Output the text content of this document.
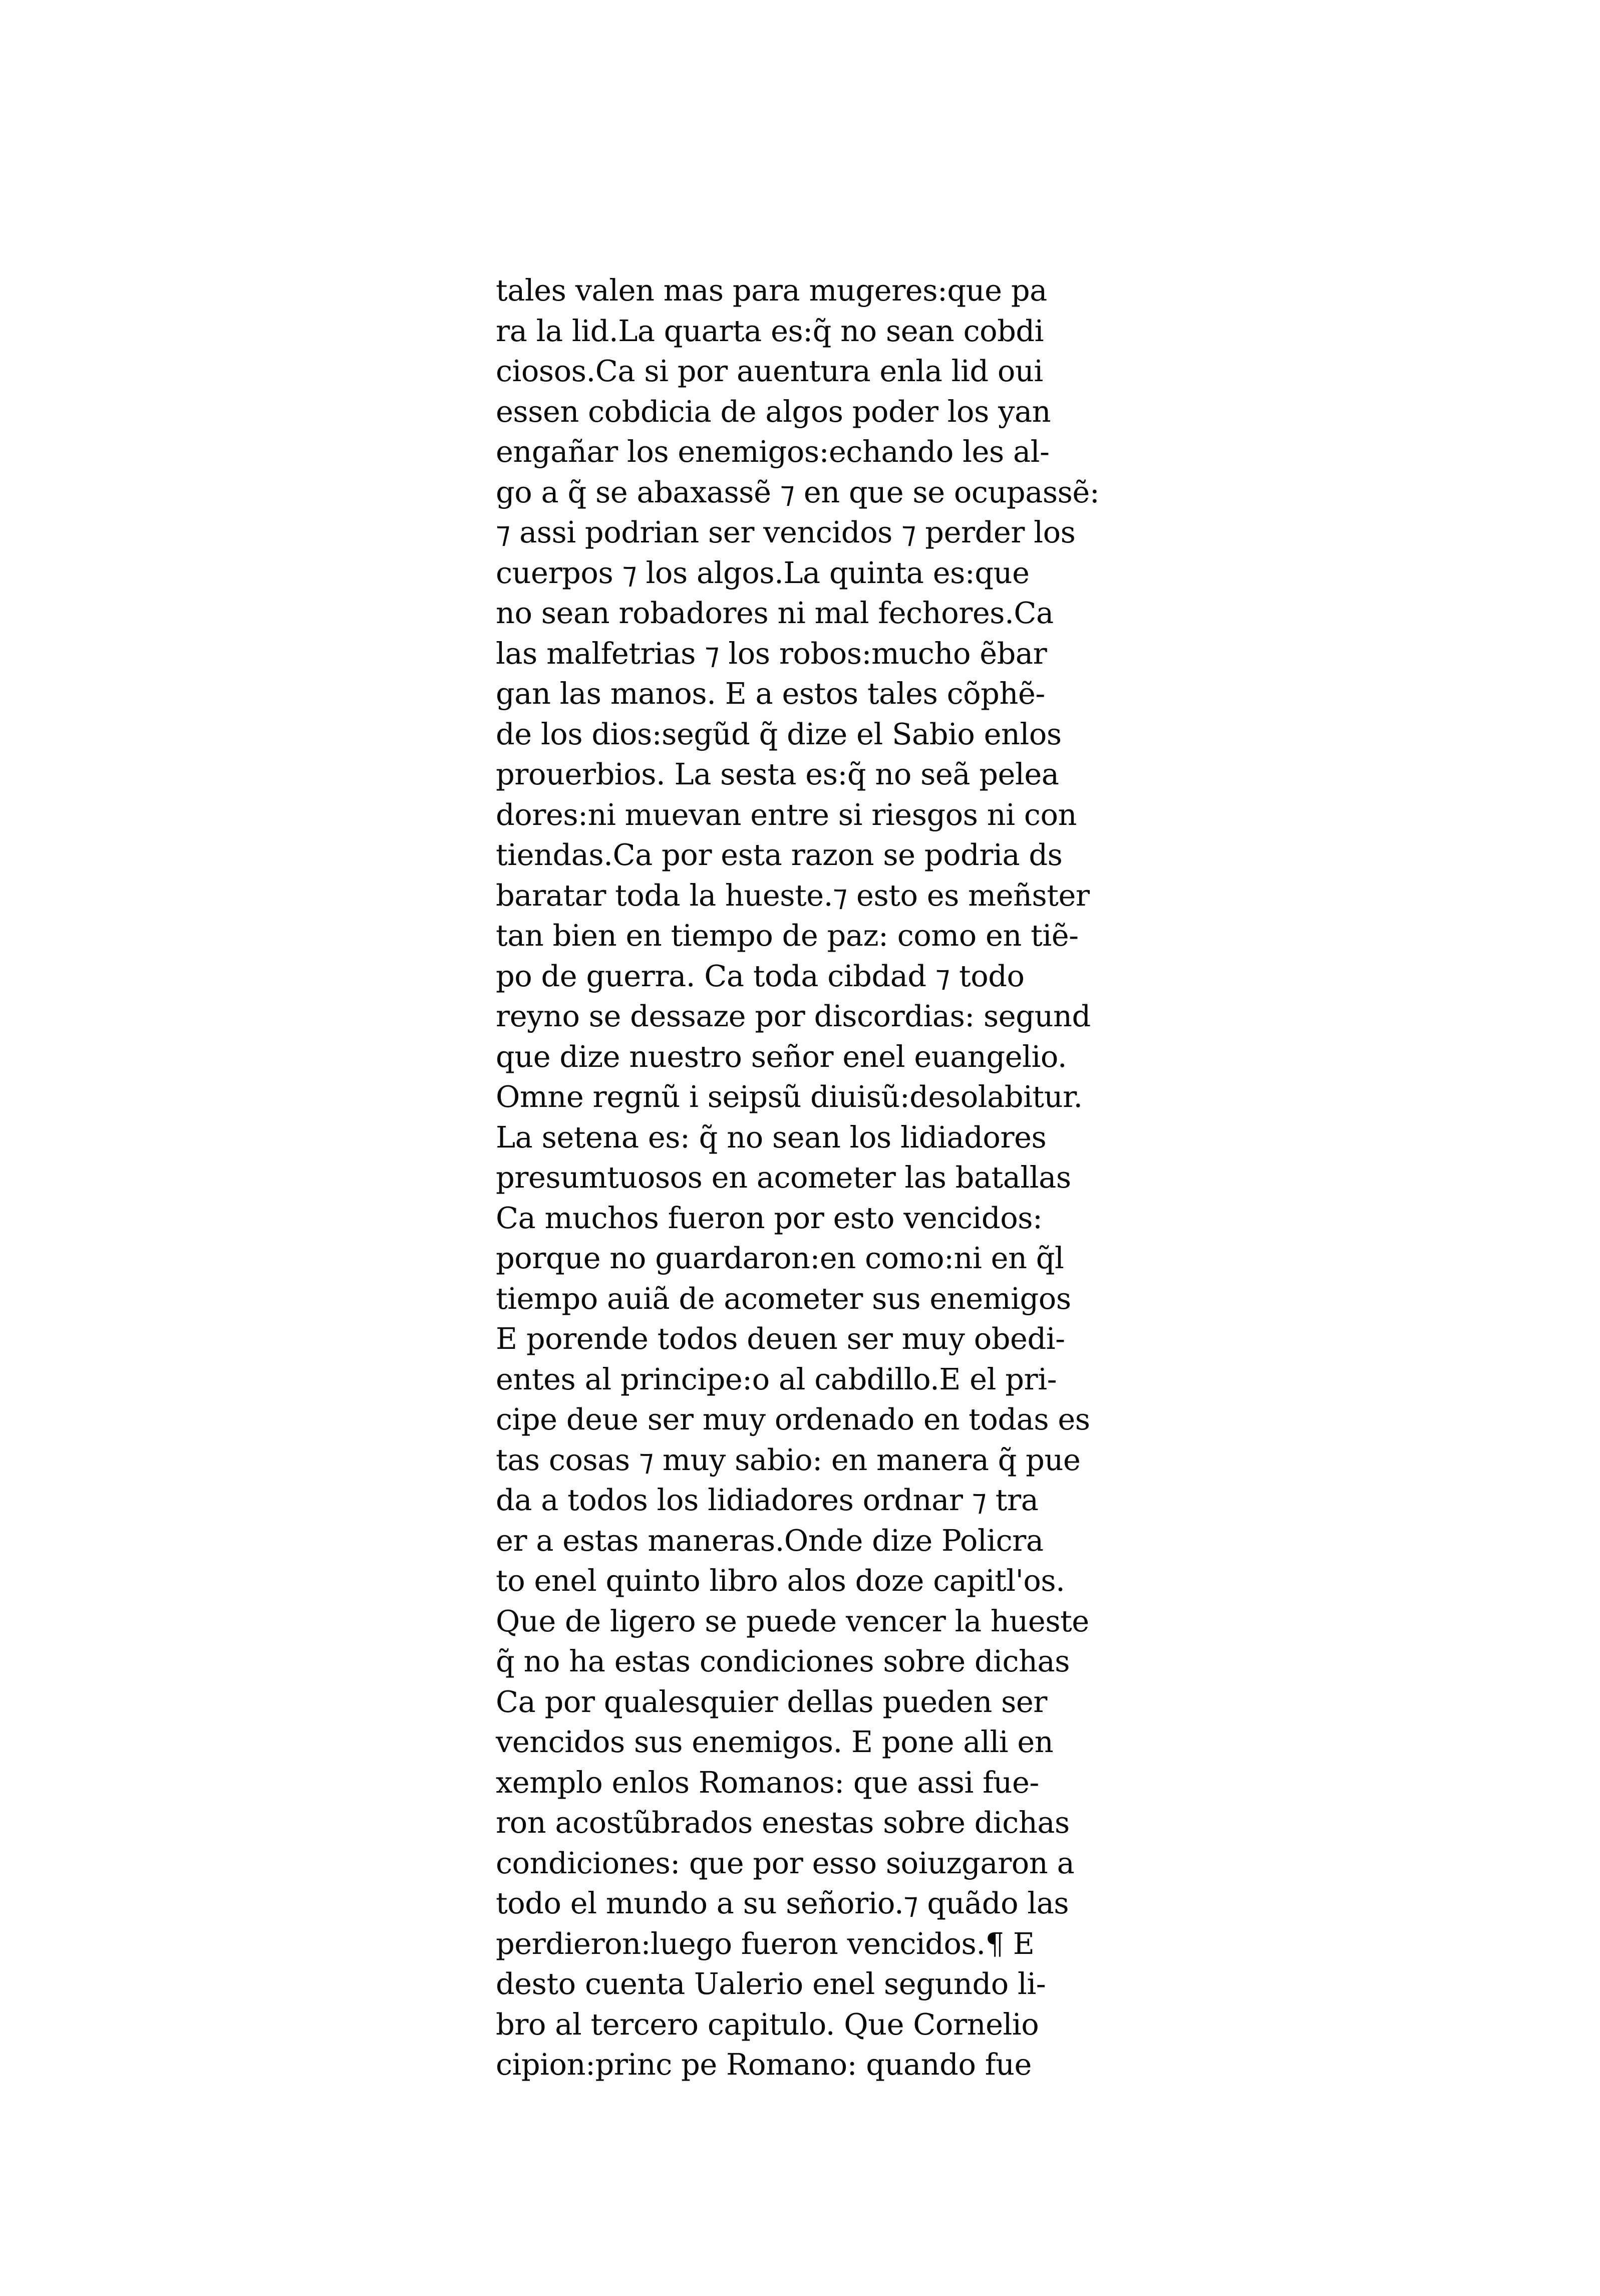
tales valen mas para mugeres:que pa
ra la lid.La quarta es:q̃ no sean cobdi
ciosos.Ca si por auentura enla lid oui
essen cobdicia de algos poder los yan
engañar los enemigos:echando les al-
go a q̃ se abaxassẽ ⁊ en que se ocupassẽ:
⁊ assi podrian ser vencidos ⁊ perder los
cuerpos ⁊ los algos.La quinta es:que
no sean robadores ni mal fechores.Ca
las malfetrias ⁊ los robos:mucho ẽbar
gan las manos. E a estos tales cõphẽ-
de los dios:segũd q̃ dize el Sabio enlos
prouerbios. La sesta es:q̃ no seã pelea
dores:ni muevan entre si riesgos ni con
tiendas.Ca por esta razon se podria ds
baratar toda la hueste.⁊ esto es meñster
tan bien en tiempo de paz: como en tiẽ-
po de guerra. Ca toda cibdad ⁊ todo
reyno se dessaze por discordias: segund
que dize nuestro señor enel euangelio.
Omne regnũ i seipsũ diuisũ:desolabitur.
La setena es: q̃ no sean los lidiadores
presumtuosos en acometer las batallas
Ca muchos fueron por esto vencidos:
porque no guardaron:en como:ni en q̃l
tiempo auiã de acometer sus enemigos
E porende todos deuen ser muy obedi-
entes al principe:o al cabdillo.E el pri-
cipe deue ser muy ordenado en todas es
tas cosas ⁊ muy sabio: en manera q̃ pue
da a todos los lidiadores ordnar ⁊ tra
er a estas maneras.Onde dize Policra
to enel quinto libro alos doze capitl'os.
Que de ligero se puede vencer la hueste
q̃ no ha estas condiciones sobre dichas
Ca por qualesquier dellas pueden ser
vencidos sus enemigos. E pone alli en
xemplo enlos Romanos: que assi fue-
ron acostũbrados enestas sobre dichas
condiciones: que por esso soiuzgaron a
todo el mundo a su señorio.⁊ quãdo las
perdieron:luego fueron vencidos.¶ E
desto cuenta Ualerio enel segundo li-
bro al tercero capitulo. Que Cornelio
cipion:princ pe Romano: quando fue
